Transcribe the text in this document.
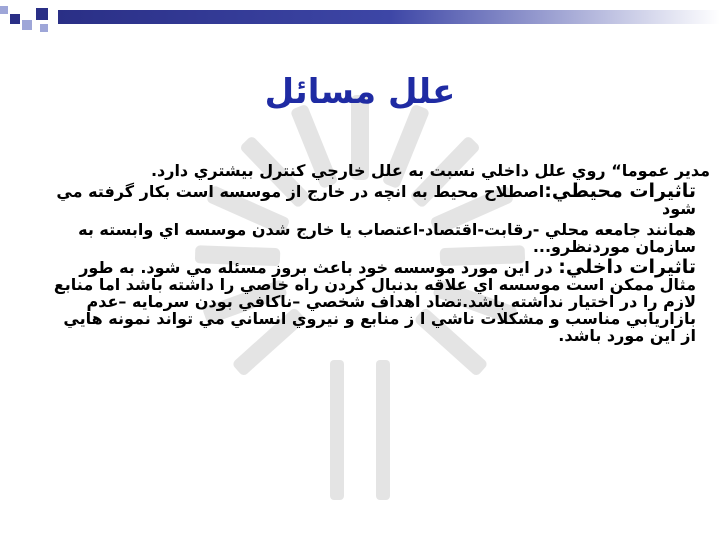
علل مسائل

مدير عموما“ روي علل داخلي نسبت به علل خارجي كنترل بيشتري دارد.

تاثيرات محيطي:اصطلاح محيط به انچه در خارج از موسسه است بكار گرفته مي شود

همانند جامعه محلي -رقابت-اقتصاد-اعتصاب يا خارج شدن موسسه اي وابسته به سازمان موردنظرو...

تاثيرات داخلي: در اين مورد موسسه خود باعث بروز مسئله مي شود. به طور مثال ممكن است موسسه اي علاقه بدنبال كردن راه خاصي را داشته باشد اما منابع لازم را در اختيار نداشته باشد.تضاد اهداف شخصي –ناكافي بودن سرمايه –عدم بازاريابي مناسب و مشكلات ناشي ا ز منابع و نيروي انساني مي تواند نمونه هايي از اين مورد باشد.
